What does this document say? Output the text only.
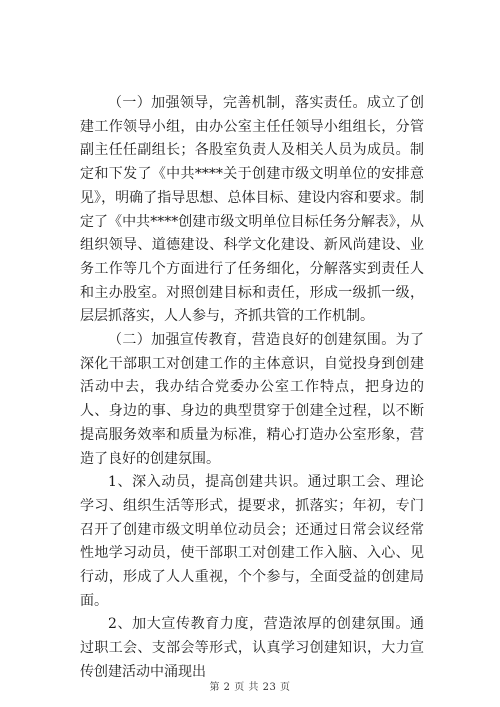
（一）加强领导，完善机制，落实责任。成立了创建工作领导小组，由办公室主任任领导小组组长，分管副主任任副组长；各股室负责人及相关人员为成员。制定和下发了《中共****关于创建市级文明单位的安排意见》，明确了指导思想、总体目标、建设内容和要求。制定了《中共****创建市级文明单位目标任务分解表》，从组织领导、道德建设、科学文化建设、新风尚建设、业务工作等几个方面进行了任务细化，分解落实到责任人和主办股室。对照创建目标和责任，形成一级抓一级，层层抓落实，人人参与，齐抓共管的工作机制。

（二）加强宣传教育，营造良好的创建氛围。为了深化干部职工对创建工作的主体意识，自觉投身到创建活动中去，我办结合党委办公室工作特点，把身边的人、身边的事、身边的典型贯穿于创建全过程，以不断提高服务效率和质量为标准，精心打造办公室形象，营造了良好的创建氛围。

1、深入动员，提高创建共识。通过职工会、理论学习、组织生活等形式，提要求，抓落实；年初，专门召开了创建市级文明单位动员会；还通过日常会议经常性地学习动员，使干部职工对创建工作入脑、入心、见行动，形成了人人重视，个个参与，全面受益的创建局面。

2、加大宣传教育力度，营造浓厚的创建氛围。通过职工会、支部会等形式，认真学习创建知识，大力宣传创建活动中涌现出

第 2 页 共 23 页
